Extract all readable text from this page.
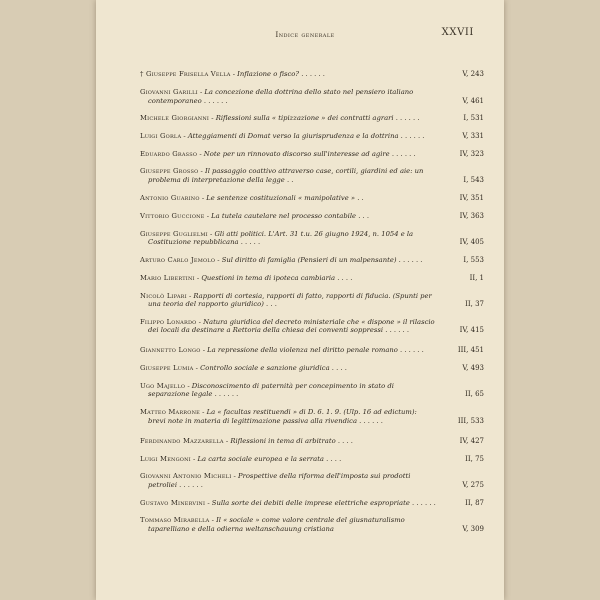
Indice generale	XXVII
† Giuseppe Frisella Vella - Inflazione o fisco? . . . . . .	V, 243
Giovanni Garilli - La concezione della dottrina dello stato nel pensiero italiano contemporaneo . . . . . .	V, 461
Michele Giorgianni - Riflessioni sulla « tipizzazione » dei contratti agrari . . . . . .	I, 531
Luigi Gorla - Atteggiamenti di Domat verso la giurisprudenza e la dottrina . . . . . .	V, 331
Eduardo Grasso - Note per un rinnovato discorso sull'interesse ad agire . . . . . .	IV, 323
Giuseppe Grosso - Il passaggio coattivo attraverso case, cortili, giardini ed aie: un problema di interpretazione della legge . .	I, 543
Antonio Guarino - Le sentenze costituzionali « manipolative » . .	IV, 351
Vittorio Guccione - La tutela cautelare nel processo contabile . . .	IV, 363
Giuseppe Guglielmi - Gli atti politici. L'Art. 31 t.u. 26 giugno 1924, n. 1054 e la Costituzione repubblicana . . . . .	IV, 405
Arturo Carlo Jemolo - Sul diritto di famiglia (Pensieri di un malpensante) . . . . . .	I, 553
Mario Libertini - Questioni in tema di ipoteca cambiaria . . . .	II, 1
Nicolò Lipari - Rapporti di cortesia, rapporti di fatto, rapporti di fiducia. (Spunti per una teoria del rapporto giuridico) . . .	II, 37
Filippo Lonardo - Natura giuridica del decreto ministeriale che « dispone » il rilascio dei locali da destinare a Rettoria della chiesa dei conventi soppressi . . . . . .	IV, 415
Giannetto Longo - La repressione della violenza nel diritto penale romano . . . . . .	III, 451
Giuseppe Lumia - Controllo sociale e sanzione giuridica . . . .	V, 493
Ugo Majello - Disconoscimento di paternità per concepimento in stato di separazione legale . . . . . .	II, 65
Matteo Marrone - La « facultas restituendi » di D. 6. 1. 9. (Ulp. 16 ad edictum): brevi note in materia di legittimazione passiva alla rivendica . . . . . .	III, 533
Ferdinando Mazzarella - Riflessioni in tema di arbitrato . . . .	IV, 427
Luigi Mengoni - La carta sociale europea e la serrata . . . .	II, 75
Giovanni Antonio Micheli - Prospettive della riforma dell'imposta sui prodotti petroliei . . . . . .	V, 275
Gustavo Minervini - Sulla sorte dei debiti delle imprese elettriche espropriate . . . . . .	II, 87
Tommaso Mirabella - Il « sociale » come valore centrale del giusnaturalismo taparelliano e della odierna weltanschauung cristiana	V, 309
